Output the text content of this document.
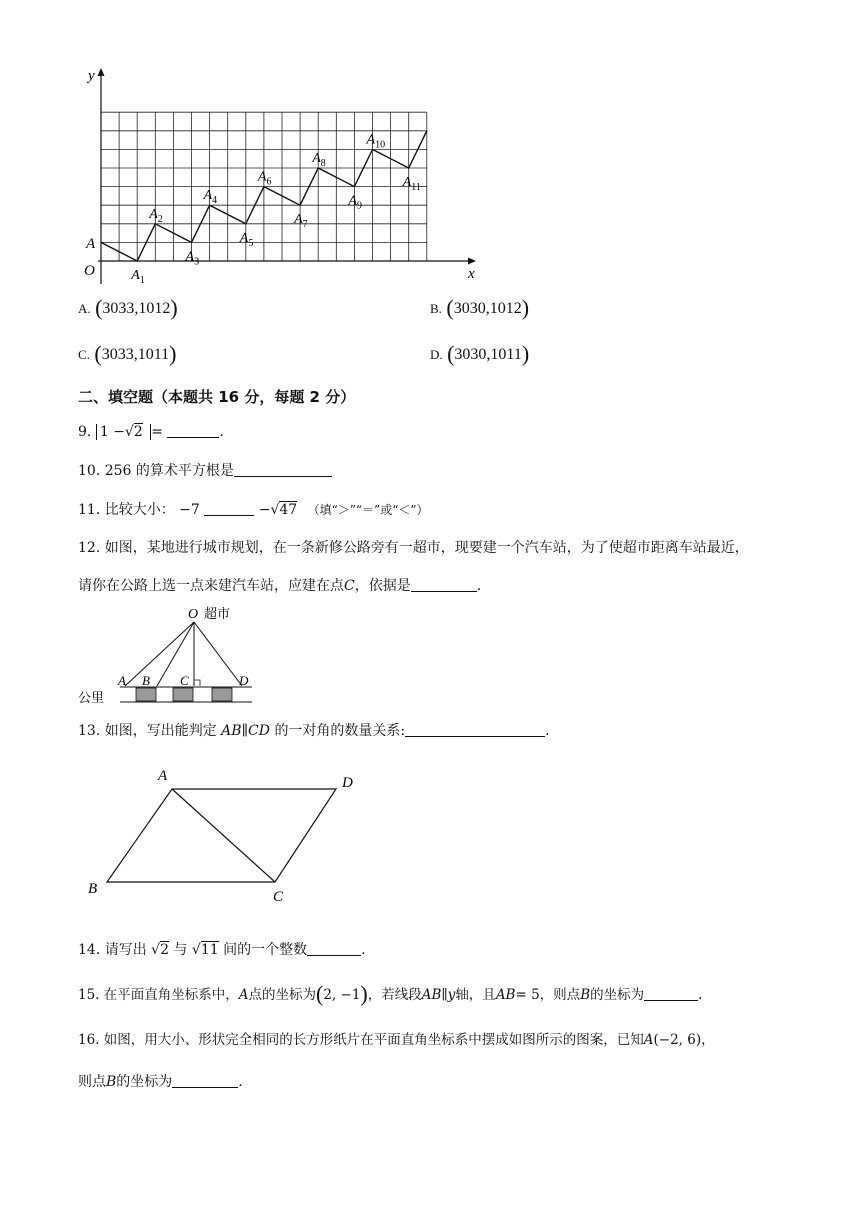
y
x
O
A
$A_1$
$A_2$
$A_3$
$A_4$
$A_5$
$A_6$
$A_7$
$A_8$
$A_9$
$A_{10}$
$A_{11}$
A. (3033,1012)	B. (3030,1012)
C. (3033,1011)	D. (3030,1011)
二、填空题（本题共 16 分，每题 2 分）
9. 1 −√2 =	.
10. 256 的算术平方根是
11. 比较大小： −7	−√47 （填“＞”“＝”或“＜”）
12. 如图，某地进行城市规划，在一条新修公路旁有一超市，现要建一个汽车站，为了使超市距离车站最近，
请你在公路上选一点来建汽车站，应建在点C，依据是	.
O 超市
A B C	D
公里
13. 如图，写出能判定 AB∥CD 的一对角的数量关系:	.
A	D
B	C
14. 请写出 √2 与 √11 间的一个整数	.
15. 在平面直角坐标系中，A点的坐标为(2, −1)，若线段AB∥y轴，且AB= 5，则点B的坐标为	.
16. 如图，用大小、形状完全相同的长方形纸片在平面直角坐标系中摆成如图所示的图案，已知A(−2, 6)，
则点B的坐标为	.
